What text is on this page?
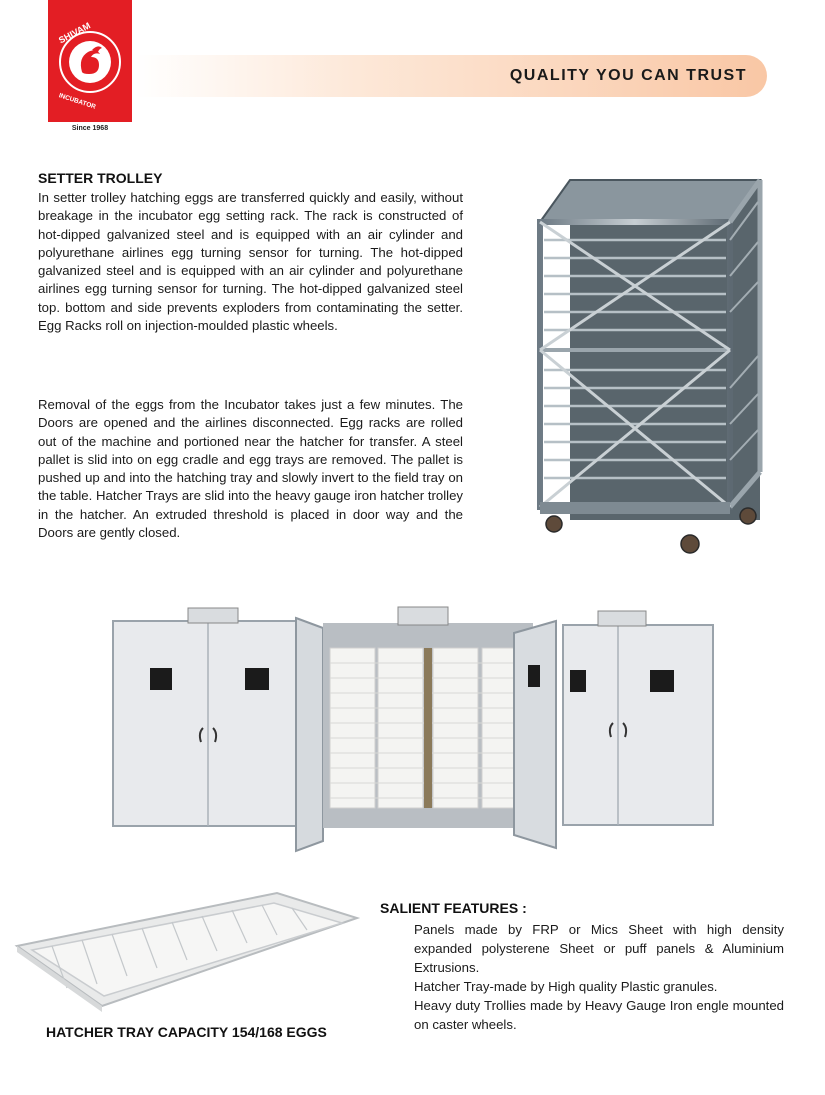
SHIVAM
INCUBATOR
Since 1968
QUALITY YOU CAN TRUST
SETTER TROLLEY

In setter trolley hatching eggs are transferred quickly and easily, without breakage in the incubator egg setting rack. The rack is constructed of hot-dipped galvanized steel and is equipped with an air cylinder and polyurethane airlines egg turning sensor for turning. The hot-dipped galvanized steel and is equipped with an air cylinder and polyurethane airlines egg turning sensor for turning. The hot-dipped galvanized steel top. bottom and side prevents exploders from contaminating the setter. Egg Racks roll on injection-moulded plastic wheels.

Removal of the eggs from the Incubator takes just a few minutes. The Doors are opened and the airlines disconnected. Egg racks are rolled out of the machine and portioned near the hatcher for transfer. A steel pallet is slid into on egg cradle and egg trays are removed. The pallet is pushed up and into the hatching tray and slowly invert to the field tray on the table. Hatcher Trays are slid into the heavy gauge iron hatcher trolley in the hatcher. An extruded threshold is placed in door way and the Doors are gently closed.

HATCHER TRAY CAPACITY 154/168 EGGS
SALIENT FEATURES :
Panels made by FRP or Mics Sheet with high density expanded polysterene Sheet or puff panels & Aluminium Extrusions.
Hatcher Tray-made by High quality Plastic granules.
Heavy duty Trollies made by Heavy Gauge Iron engle mounted on caster wheels.
